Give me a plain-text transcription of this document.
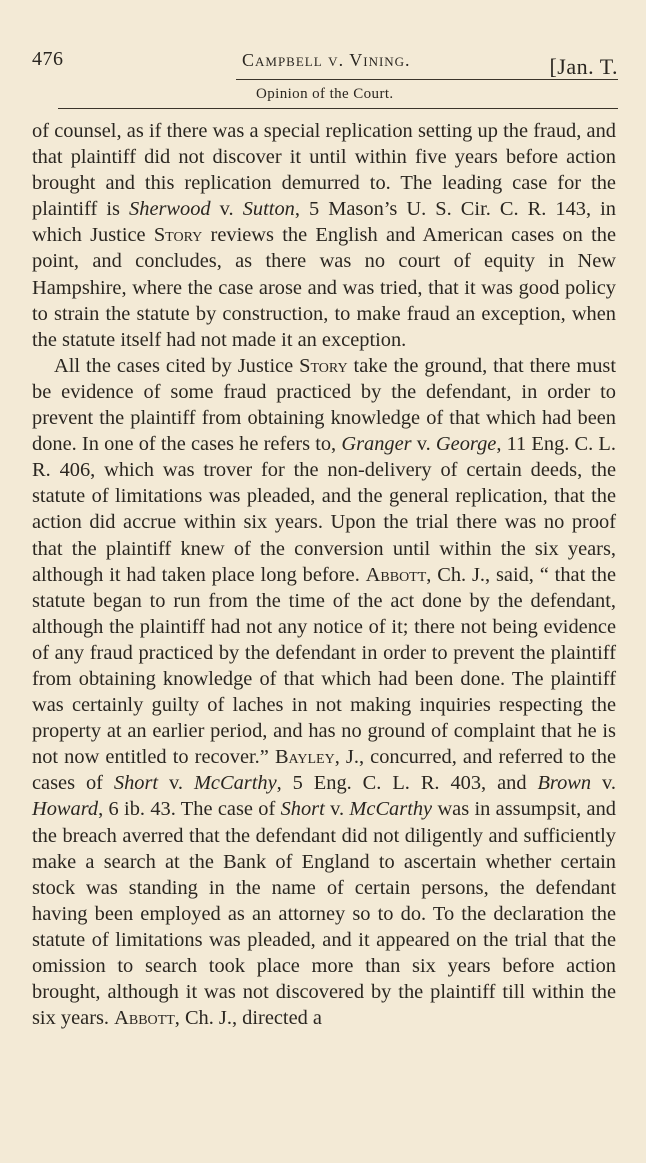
476	Campbell v. Vining.	[Jan. T.
Opinion of the Court.

of counsel, as if there was a special replication setting up the fraud, and that plaintiff did not discover it until within five years before action brought and this replication demurred to. The leading case for the plaintiff is Sherwood v. Sutton, 5 Mason’s U. S. Cir. C. R. 143, in which Justice Story reviews the English and American cases on the point, and concludes, as there was no court of equity in New Hampshire, where the case arose and was tried, that it was good policy to strain the statute by construction, to make fraud an exception, when the statute itself had not made it an exception.

All the cases cited by Justice Story take the ground, that there must be evidence of some fraud practiced by the defendant, in order to prevent the plaintiff from obtaining knowledge of that which had been done. In one of the cases he refers to, Granger v. George, 11 Eng. C. L. R. 406, which was trover for the non-delivery of certain deeds, the statute of limitations was pleaded, and the general replication, that the action did accrue within six years. Upon the trial there was no proof that the plaintiff knew of the conversion until within the six years, although it had taken place long before. Abbott, Ch. J., said, “ that the statute began to run from the time of the act done by the defendant, although the plaintiff had not any notice of it; there not being evidence of any fraud practiced by the defendant in order to prevent the plaintiff from obtaining knowledge of that which had been done. The plaintiff was certainly guilty of laches in not making inquiries respecting the property at an earlier period, and has no ground of complaint that he is not now entitled to recover.” Bayley, J., concurred, and referred to the cases of Short v. McCarthy, 5 Eng. C. L. R. 403, and Brown v. Howard, 6 ib. 43. The case of Short v. McCarthy was in assumpsit, and the breach averred that the defendant did not diligently and sufficiently make a search at the Bank of England to ascertain whether certain stock was standing in the name of certain persons, the defendant having been employed as an attorney so to do. To the declaration the statute of limitations was pleaded, and it appeared on the trial that the omission to search took place more than six years before action brought, although it was not discovered by the plaintiff till within the six years. Abbott, Ch. J., directed a
